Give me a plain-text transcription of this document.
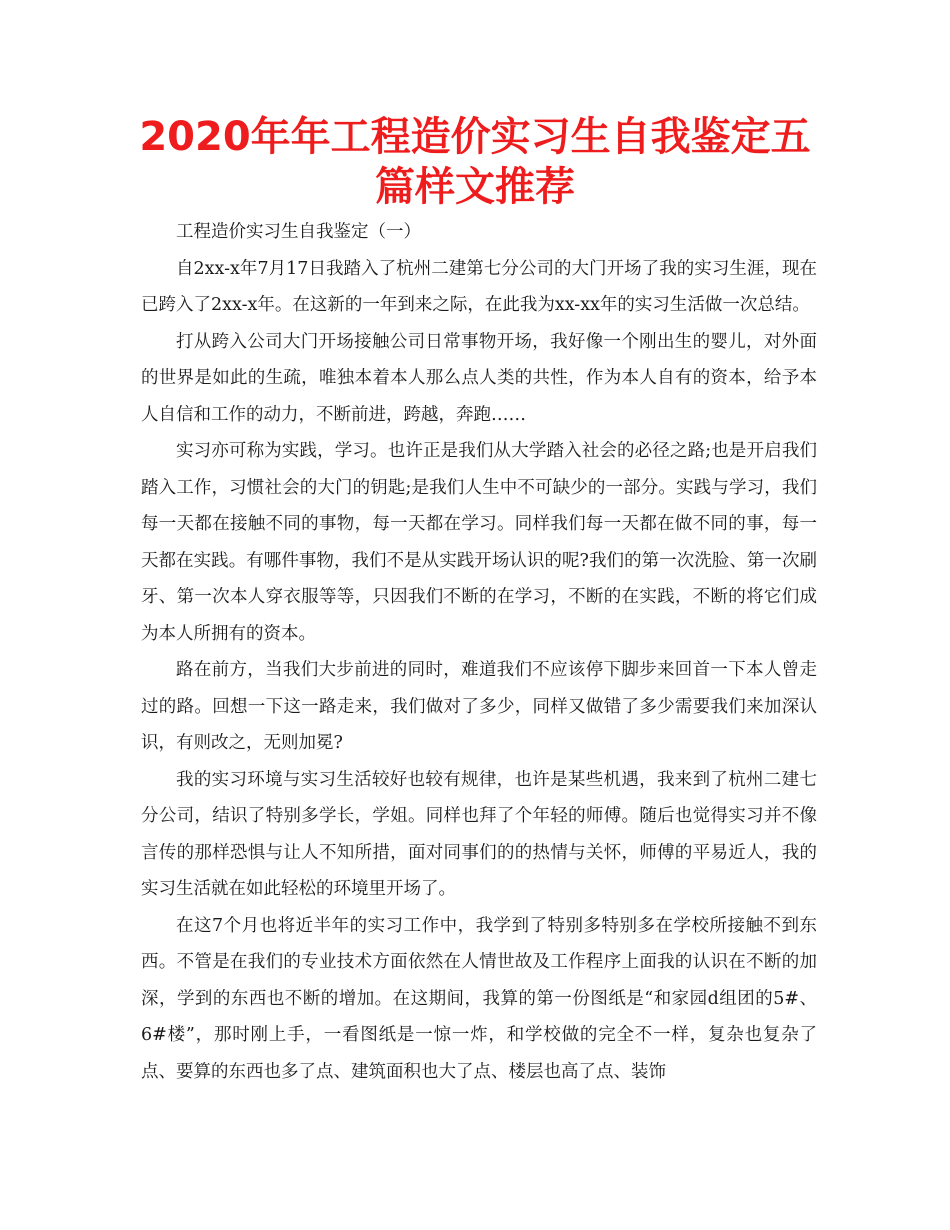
2020年年工程造价实习生自我鉴定五篇样文推荐

工程造价实习生自我鉴定（一）

自2xx-x年7月17日我踏入了杭州二建第七分公司的大门开场了我的实习生涯，现在已跨入了2xx-x年。在这新的一年到来之际，在此我为xx-xx年的实习生活做一次总结。

打从跨入公司大门开场接触公司日常事物开场，我好像一个刚出生的婴儿，对外面的世界是如此的生疏，唯独本着本人那么点人类的共性，作为本人自有的资本，给予本人自信和工作的动力，不断前进，跨越，奔跑……

实习亦可称为实践，学习。也许正是我们从大学踏入社会的必径之路;也是开启我们踏入工作，习惯社会的大门的钥匙;是我们人生中不可缺少的一部分。实践与学习，我们每一天都在接触不同的事物，每一天都在学习。同样我们每一天都在做不同的事，每一天都在实践。有哪件事物，我们不是从实践开场认识的呢?我们的第一次洗脸、第一次刷牙、第一次本人穿衣服等等，只因我们不断的在学习，不断的在实践，不断的将它们成为本人所拥有的资本。

路在前方，当我们大步前进的同时，难道我们不应该停下脚步来回首一下本人曾走过的路。回想一下这一路走来，我们做对了多少，同样又做错了多少需要我们来加深认识，有则改之，无则加冕?

我的实习环境与实习生活较好也较有规律，也许是某些机遇，我来到了杭州二建七分公司，结识了特别多学长，学姐。同样也拜了个年轻的师傅。随后也觉得实习并不像言传的那样恐惧与让人不知所措，面对同事们的的热情与关怀，师傅的平易近人，我的实习生活就在如此轻松的环境里开场了。

在这7个月也将近半年的实习工作中，我学到了特别多特别多在学校所接触不到东西。不管是在我们的专业技术方面依然在人情世故及工作程序上面我的认识在不断的加深，学到的东西也不断的增加。在这期间，我算的第一份图纸是“和家园d组团的5#、6#楼”，那时刚上手，一看图纸是一惊一炸，和学校做的完全不一样，复杂也复杂了点、要算的东西也多了点、建筑面积也大了点、楼层也高了点、装饰
